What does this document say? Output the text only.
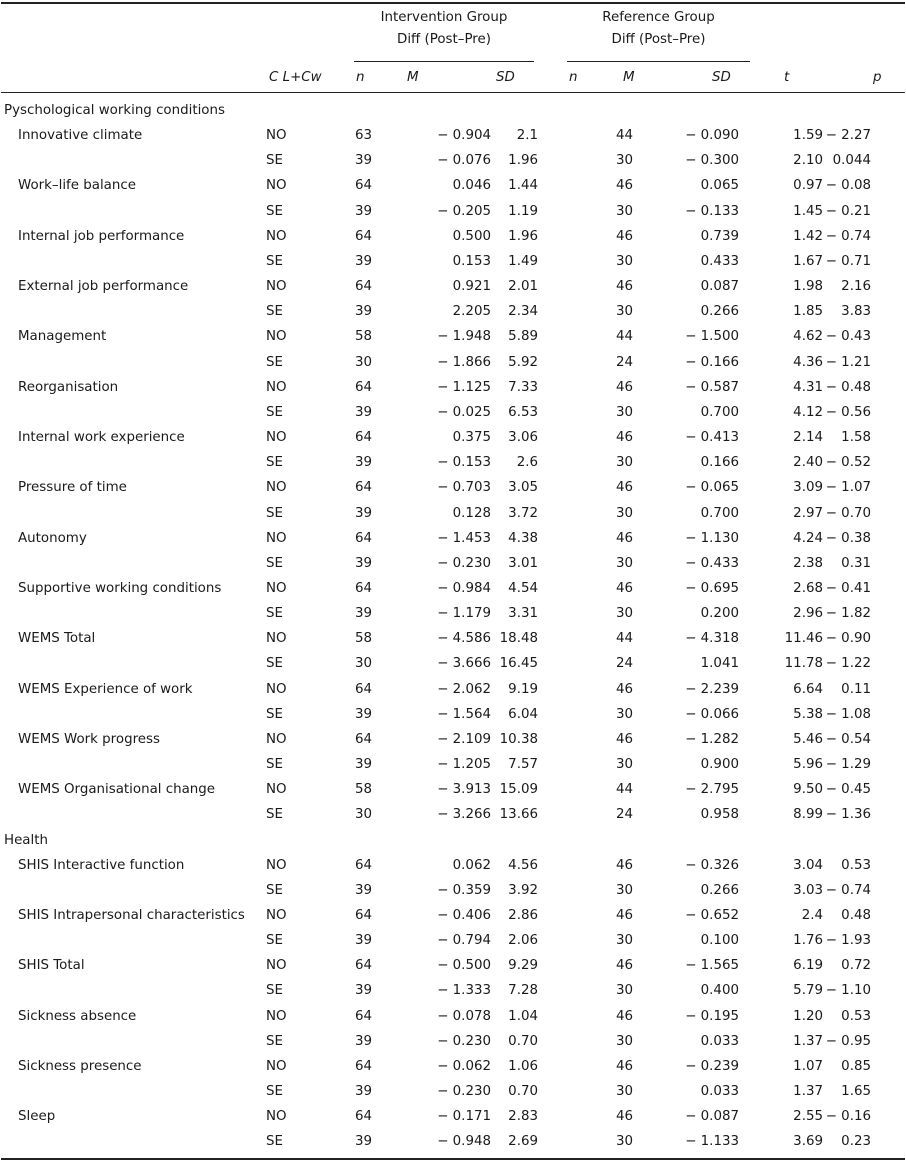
Intervention Group
Diff (Post–Pre)
Reference Group
Diff (Post–Pre)
C L+Cw	n	M	SD	n	M	SD	t	p
Pyschological working conditions											
Innovative climate	NO	63	− 0.904	2.1		44	− 0.090	1.59	− 2.27		
	SE	39	− 0.076	1.96		30	− 0.300	2.10	0.044		
Work–life balance	NO	64	0.046	1.44		46	0.065	0.97	− 0.08		
	SE	39	− 0.205	1.19		30	− 0.133	1.45	− 0.21		
Internal job performance	NO	64	0.500	1.96		46	0.739	1.42	− 0.74		
	SE	39	0.153	1.49		30	0.433	1.67	− 0.71		
External job performance	NO	64	0.921	2.01		46	0.087	1.98	2.16		
	SE	39	2.205	2.34		30	0.266	1.85	3.83		
Management	NO	58	− 1.948	5.89		44	− 1.500	4.62	− 0.43		
	SE	30	− 1.866	5.92		24	− 0.166	4.36	− 1.21		
Reorganisation	NO	64	− 1.125	7.33		46	− 0.587	4.31	− 0.48		
	SE	39	− 0.025	6.53		30	0.700	4.12	− 0.56		
Internal work experience	NO	64	0.375	3.06		46	− 0.413	2.14	1.58		
	SE	39	− 0.153	2.6		30	0.166	2.40	− 0.52		
Pressure of time	NO	64	− 0.703	3.05		46	− 0.065	3.09	− 1.07		
	SE	39	0.128	3.72		30	0.700	2.97	− 0.70		
Autonomy	NO	64	− 1.453	4.38		46	− 1.130	4.24	− 0.38		
	SE	39	− 0.230	3.01		30	− 0.433	2.38	0.31		
Supportive working conditions	NO	64	− 0.984	4.54		46	− 0.695	2.68	− 0.41		
	SE	39	− 1.179	3.31		30	0.200	2.96	− 1.82		
WEMS Total	NO	58	− 4.586	18.48		44	− 4.318	11.46	− 0.90		
	SE	30	− 3.666	16.45		24	1.041	11.78	− 1.22		
WEMS Experience of work	NO	64	− 2.062	9.19		46	− 2.239	6.64	0.11		
	SE	39	− 1.564	6.04		30	− 0.066	5.38	− 1.08		
WEMS Work progress	NO	64	− 2.109	10.38		46	− 1.282	5.46	− 0.54		
	SE	39	− 1.205	7.57		30	0.900	5.96	− 1.29		
WEMS Organisational change	NO	58	− 3.913	15.09		44	− 2.795	9.50	− 0.45		
	SE	30	− 3.266	13.66		24	0.958	8.99	− 1.36		
Health											
SHIS Interactive function	NO	64	0.062	4.56		46	− 0.326	3.04	0.53		
	SE	39	− 0.359	3.92		30	0.266	3.03	− 0.74		
SHIS Intrapersonal characteristics	NO	64	− 0.406	2.86		46	− 0.652	2.4	0.48		
	SE	39	− 0.794	2.06		30	0.100	1.76	− 1.93		
SHIS Total	NO	64	− 0.500	9.29		46	− 1.565	6.19	0.72		
	SE	39	− 1.333	7.28		30	0.400	5.79	− 1.10		
Sickness absence	NO	64	− 0.078	1.04		46	− 0.195	1.20	0.53		
	SE	39	− 0.230	0.70		30	0.033	1.37	− 0.95		
Sickness presence	NO	64	− 0.062	1.06		46	− 0.239	1.07	0.85		
	SE	39	− 0.230	0.70		30	0.033	1.37	1.65		
Sleep	NO	64	− 0.171	2.83		46	− 0.087	2.55	− 0.16		
	SE	39	− 0.948	2.69		30	− 1.133	3.69	0.23		
